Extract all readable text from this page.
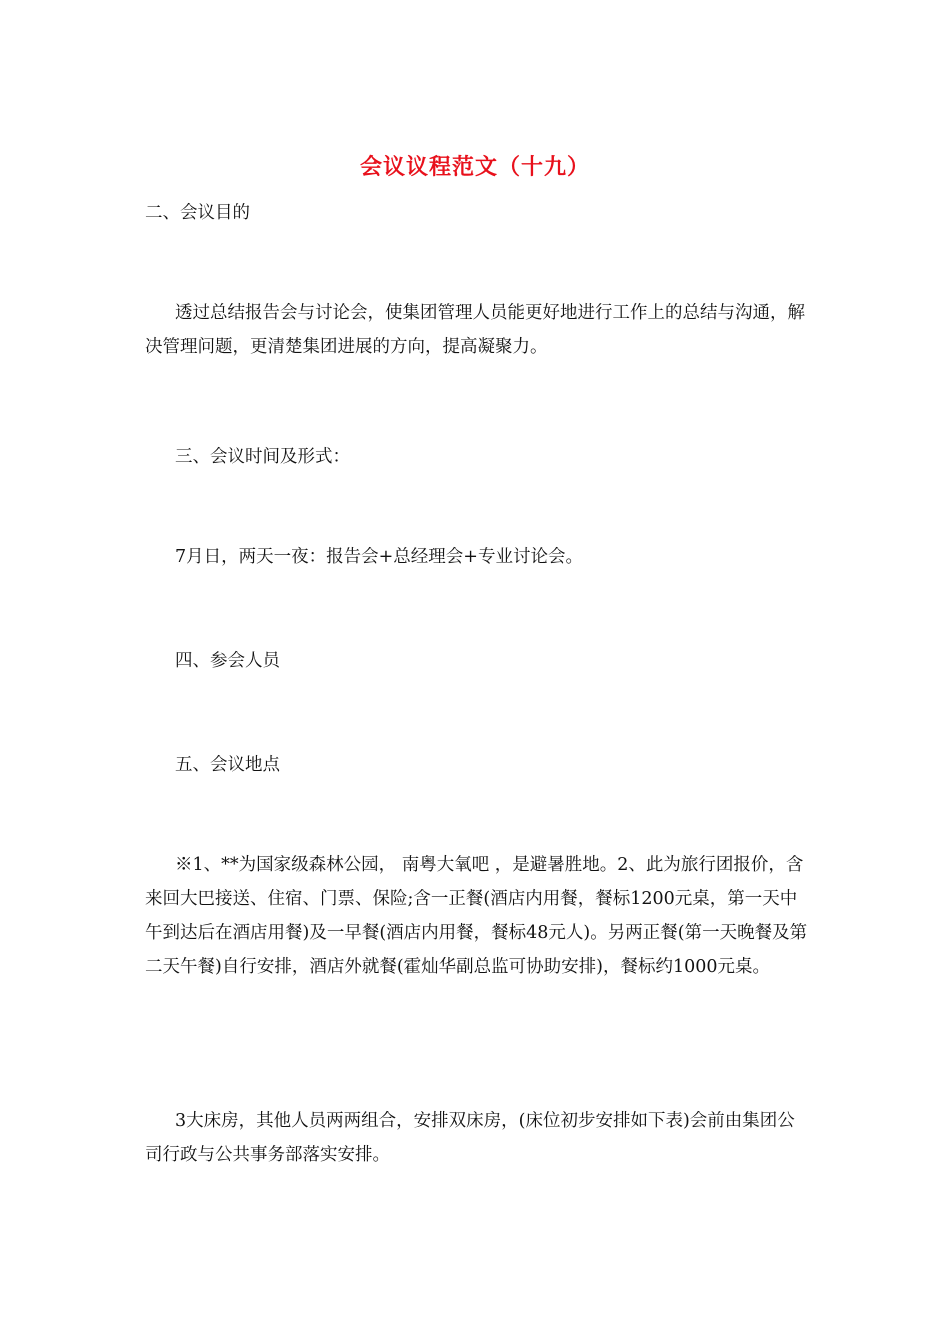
会议议程范文（十九）

二、会议目的

透过总结报告会与讨论会，使集团管理人员能更好地进行工作上的总结与沟通，解决管理问题，更清楚集团进展的方向，提高凝聚力。

三、会议时间及形式：

7月日，两天一夜：报告会+总经理会+专业讨论会。

四、参会人员

五、会议地点

※1、**为国家级森林公园， 南粤大氧吧 ，是避暑胜地。2、此为旅行团报价，含来回大巴接送、住宿、门票、保险;含一正餐(酒店内用餐，餐标1200元桌，第一天中午到达后在酒店用餐)及一早餐(酒店内用餐，餐标48元人)。另两正餐(第一天晚餐及第二天午餐)自行安排，酒店外就餐(霍灿华副总监可协助安排)，餐标约1000元桌。

3大床房，其他人员两两组合，安排双床房，(床位初步安排如下表)会前由集团公司行政与公共事务部落实安排。
